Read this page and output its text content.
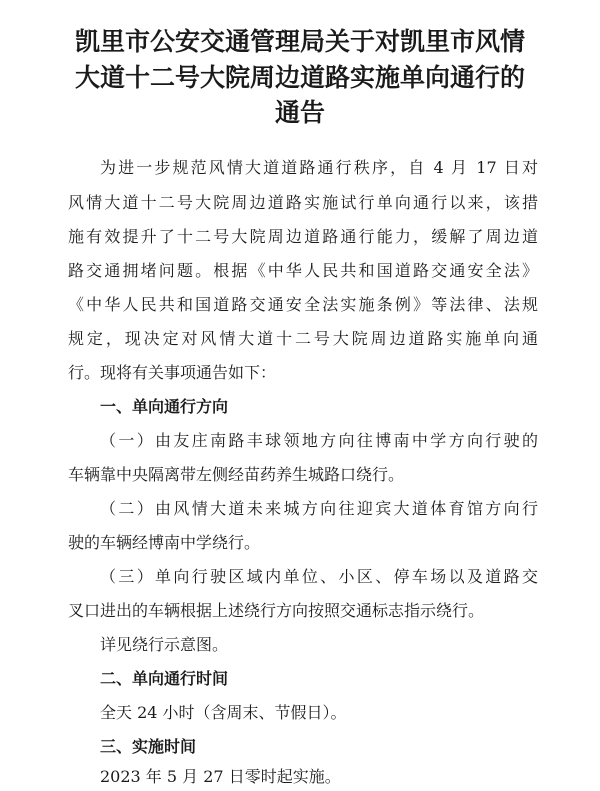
凯里市公安交通管理局关于对凯里市风情
大道十二号大院周边道路实施单向通行的
通告

为进一步规范风情大道道路通行秩序，自 4 月 17 日对

风情大道十二号大院周边道路实施试行单向通行以来，该措

施有效提升了十二号大院周边道路通行能力，缓解了周边道

路交通拥堵问题。根据《中华人民共和国道路交通安全法》

《中华人民共和国道路交通安全法实施条例》等法律、法规

规定，现决定对风情大道十二号大院周边道路实施单向通

行。现将有关事项通告如下：

一、单向通行方向

（一）由友庄南路丰球领地方向往博南中学方向行驶的

车辆靠中央隔离带左侧经苗药养生城路口绕行。

（二）由风情大道未来城方向往迎宾大道体育馆方向行

驶的车辆经博南中学绕行。

（三）单向行驶区域内单位、小区、停车场以及道路交

叉口进出的车辆根据上述绕行方向按照交通标志指示绕行。

详见绕行示意图。

二、单向通行时间

全天 24 小时（含周末、节假日）。

三、实施时间

2023 年 5 月 27 日零时起实施。
